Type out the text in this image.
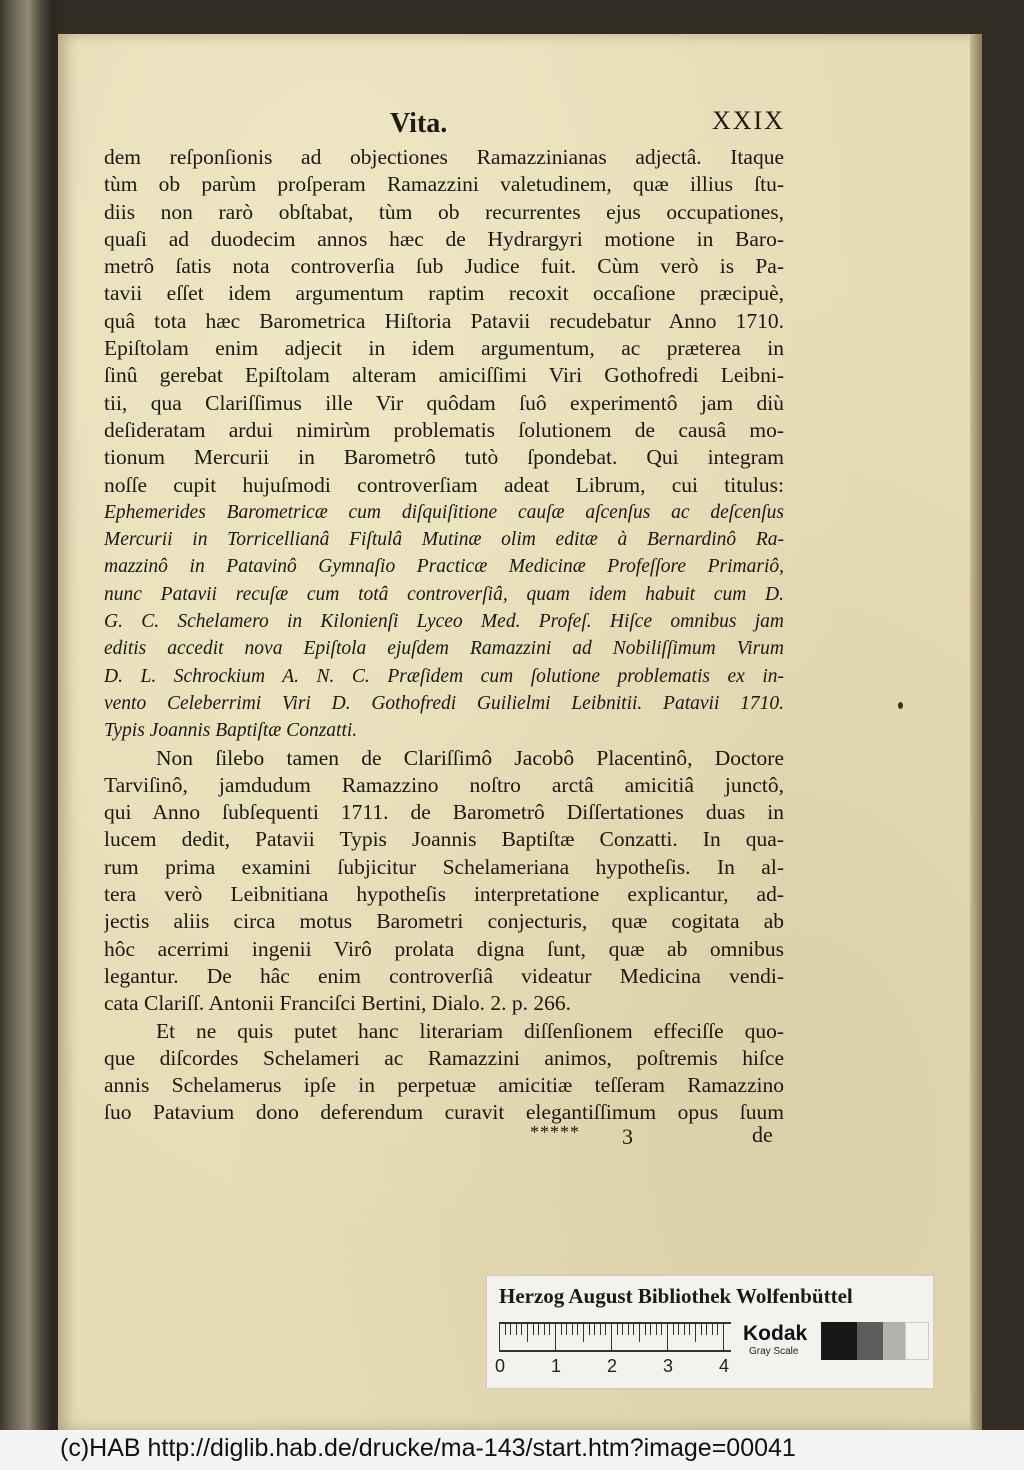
Vita.	XXIX
dem reſponſionis ad objectiones Ramazzinianas adjectâ. Itaque
tùm ob parùm proſperam Ramazzini valetudinem, quæ illius ſtu-
diis non rarò obſtabat, tùm ob recurrentes ejus occupationes,
quaſi ad duodecim annos hæc de Hydrargyri motione in Baro-
metrô ſatis nota controverſia ſub Judice fuit. Cùm verò is Pa-
tavii eſſet idem argumentum raptim recoxit occaſione præcipuè,
quâ tota hæc Barometrica Hiſtoria Patavii recudebatur Anno 1710.
Epiſtolam enim adjecit in idem argumentum, ac præterea in
ſinû gerebat Epiſtolam alteram amiciſſimi Viri Gothofredi Leibni-
tii, qua Clariſſimus ille Vir quôdam ſuô experimentô jam diù
deſideratam ardui nimirùm problematis ſolutionem de causâ mo-
tionum Mercurii in Barometrô tutò ſpondebat. Qui integram
noſſe cupit hujuſmodi controverſiam adeat Librum, cui titulus:
Ephemerides Barometricæ cum diſquiſitione cauſæ aſcenſus ac deſcenſus
Mercurii in Torricellianâ Fiſtulâ Mutinæ olim editæ à Bernardinô Ra-
mazzinô in Patavinô Gymnaſio Practicæ Medicinæ Profeſſore Primariô,
nunc Patavii recuſæ cum totâ controverſiâ, quam idem habuit cum D.
G. C. Schelamero in Kilonienſi Lyceo Med. Profeſ. Hiſce omnibus jam
editis accedit nova Epiſtola ejuſdem Ramazzini ad Nobiliſſimum Virum
D. L. Schrockium A. N. C. Præſidem cum ſolutione problematis ex in-
vento Celeberrimi Viri D. Gothofredi Guilielmi Leibnitii. Patavii 1710.
Typis Joannis Baptiſtæ Conzatti.
Non ſilebo tamen de Clariſſimô Jacobô Placentinô, Doctore
Tarviſinô, jamdudum Ramazzino noſtro arctâ amicitiâ junctô,
qui Anno ſubſequenti 1711. de Barometrô Diſſertationes duas in
lucem dedit, Patavii Typis Joannis Baptiſtæ Conzatti. In qua-
rum prima examini ſubjicitur Schelameriana hypotheſis. In al-
tera verò Leibnitiana hypotheſis interpretatione explicantur, ad-
jectis aliis circa motus Barometri conjecturis, quæ cogitata ab
hôc acerrimi ingenii Virô prolata digna ſunt, quæ ab omnibus
legantur. De hâc enim controverſiâ videatur Medicina vendi-
cata Clariſſ. Antonii Franciſci Bertini, Dialo. 2. p. 266.
Et ne quis putet hanc literariam diſſenſionem effeciſſe quo-
que diſcordes Schelameri ac Ramazzini animos, poſtremis hiſce
annis Schelamerus ipſe in perpetuæ amicitiæ teſſeram Ramazzino
ſuo Patavium dono deferendum curavit elegantiſſimum opus ſuum
***** 3	de
Herzog August Bibliothek Wolfenbüttel
0	1	2	3	4
Kodak
Gray Scale
(c)HAB http://diglib.hab.de/drucke/ma-143/start.htm?image=00041
